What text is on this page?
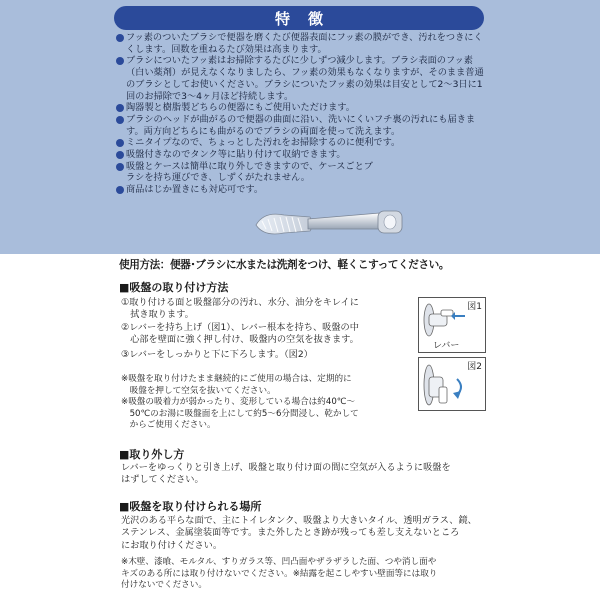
特徴
フッ素のついたブラシで便器を磨くたび便器表面にフッ素の膜ができ、汚れをつきにくくします。回数を重ねるたび効果は高まります。
ブラシについたフッ素はお掃除するたびに少しずつ減少します。ブラシ表面のフッ素（白い薬剤）が見えなくなりましたら、フッ素の効果もなくなりますが、そのまま普通のブラシとしてお使いください。ブラシについたフッ素の効果は目安として2〜3日に1回のお掃除で3〜4ヶ月ほど持続します。
陶器製と樹脂製どちらの便器にもご使用いただけます。
ブラシのヘッドが曲がるので便器の曲面に沿い、洗いにくいフチ裏の汚れにも届きます。両方向どちらにも曲がるのでブラシの両面を使って洗えます。
ミニタイプなので、ちょっとした汚れをお掃除するのに便利です。
吸盤付きなのでタンク等に貼り付けて収納できます。
吸盤とケースは簡単に取り外しできますので、ケースごとブラシを持ち運びでき、しずくがたれません。
商品はじか置きにも対応可です。
使用方法：便器･ブラシに水または洗剤をつけ、軽くこすってください。
■吸盤の取り付け方法
①取り付ける面と吸盤部分の汚れ、水分、油分をキレイに
　拭き取ります。
②レバーを持ち上げ（図1）、レバー根本を持ち、吸盤の中
　心部を壁面に強く押し付け、吸盤内の空気を抜きます。
③レバーをしっかりと下に下ろします。（図2）
※吸盤を取り付けたまま継続的にご使用の場合は、定期的に
　吸盤を押して空気を抜いてください。
※吸盤の吸着力が弱かったり、変形している場合は約40℃〜
　50℃のお湯に吸盤面を上にして約5〜6分間浸し、乾かして
　からご使用ください。
図1
レバー
図2
■取り外し方
レバーをゆっくりと引き上げ、吸盤と取り付け面の間に空気が入るように吸盤を
はずしてください。
■吸盤を取り付けられる場所
光沢のある平らな面で、主にトイレタンク、吸盤より大きいタイル、透明ガラス、鏡、
ステンレス、金属塗装面等です。また外したとき跡が残っても差し支えないところ
にお取り付けください。
※木壁、漆喰、モルタル、すりガラス等、凹凸面やザラザラした面、つや消し面や
キズのある所には取り付けないでください。※結露を起こしやすい壁面等には取り
付けないでください。
